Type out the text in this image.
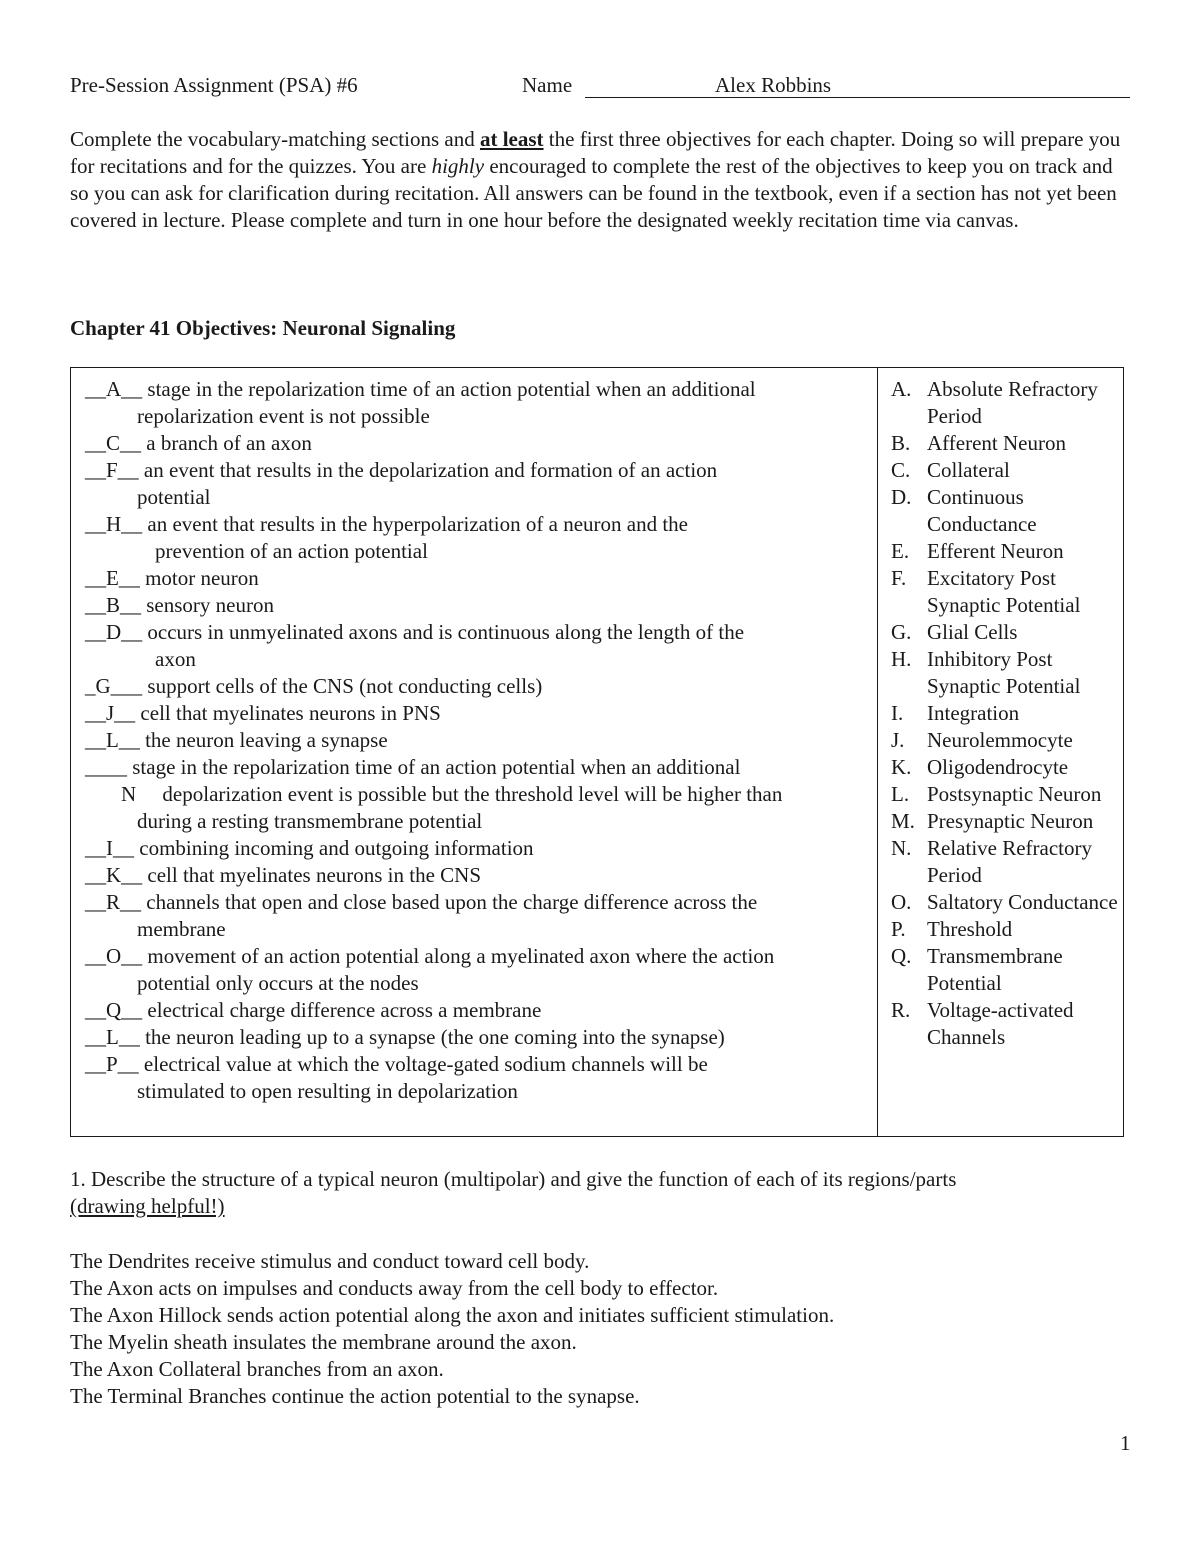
Pre-Session Assignment (PSA) #6	Name	Alex Robbins
Complete the vocabulary-matching sections and at least the first three objectives for each chapter. Doing so will prepare you for recitations and for the quizzes. You are highly encouraged to complete the rest of the objectives to keep you on track and so you can ask for clarification during recitation. All answers can be found in the textbook, even if a section has not yet been covered in lecture. Please complete and turn in one hour before the designated weekly recitation time via canvas.
Chapter 41 Objectives: Neuronal Signaling
__A__ stage in the repolarization time of an action potential when an additional
repolarization event is not possible
__C__ a branch of an axon
__F__ an event that results in the depolarization and formation of an action
potential
__H__ an event that results in the hyperpolarization of a neuron and the
prevention of an action potential
__E__ motor neuron
__B__ sensory neuron
__D__ occurs in unmyelinated axons and is continuous along the length of the
axon
_G___ support cells of the CNS (not conducting cells)
__J__ cell that myelinates neurons in PNS
__L__ the neuron leaving a synapse
____ stage in the repolarization time of an action potential when an additional
N     depolarization event is possible but the threshold level will be higher than
during a resting transmembrane potential
__I__ combining incoming and outgoing information
__K__ cell that myelinates neurons in the CNS
__R__ channels that open and close based upon the charge difference across the
membrane
__O__ movement of an action potential along a myelinated axon where the action
potential only occurs at the nodes
__Q__ electrical charge difference across a membrane
__L__ the neuron leading up to a synapse (the one coming into the synapse)
__P__ electrical value at which the voltage-gated sodium channels will be
stimulated to open resulting in depolarization
A. Absolute Refractory Period
B. Afferent Neuron
C. Collateral
D. Continuous Conductance
E. Efferent Neuron
F. Excitatory Post Synaptic Potential
G. Glial Cells
H. Inhibitory Post Synaptic Potential
I.	Integration
J.	Neurolemmocyte
K. Oligodendrocyte
L. Postsynaptic Neuron
M. Presynaptic Neuron
N. Relative Refractory Period
O. Saltatory Conductance
P.	Threshold
Q. Transmembrane Potential
R. Voltage-activated Channels
1. Describe the structure of a typical neuron (multipolar) and give the function of each of its regions/parts
(drawing helpful!)
The Dendrites receive stimulus and conduct toward cell body.
The Axon acts on impulses and conducts away from the cell body to effector.
The Axon Hillock sends action potential along the axon and initiates sufficient stimulation.
The Myelin sheath insulates the membrane around the axon.
The Axon Collateral branches from an axon.
The Terminal Branches continue the action potential to the synapse.
1
